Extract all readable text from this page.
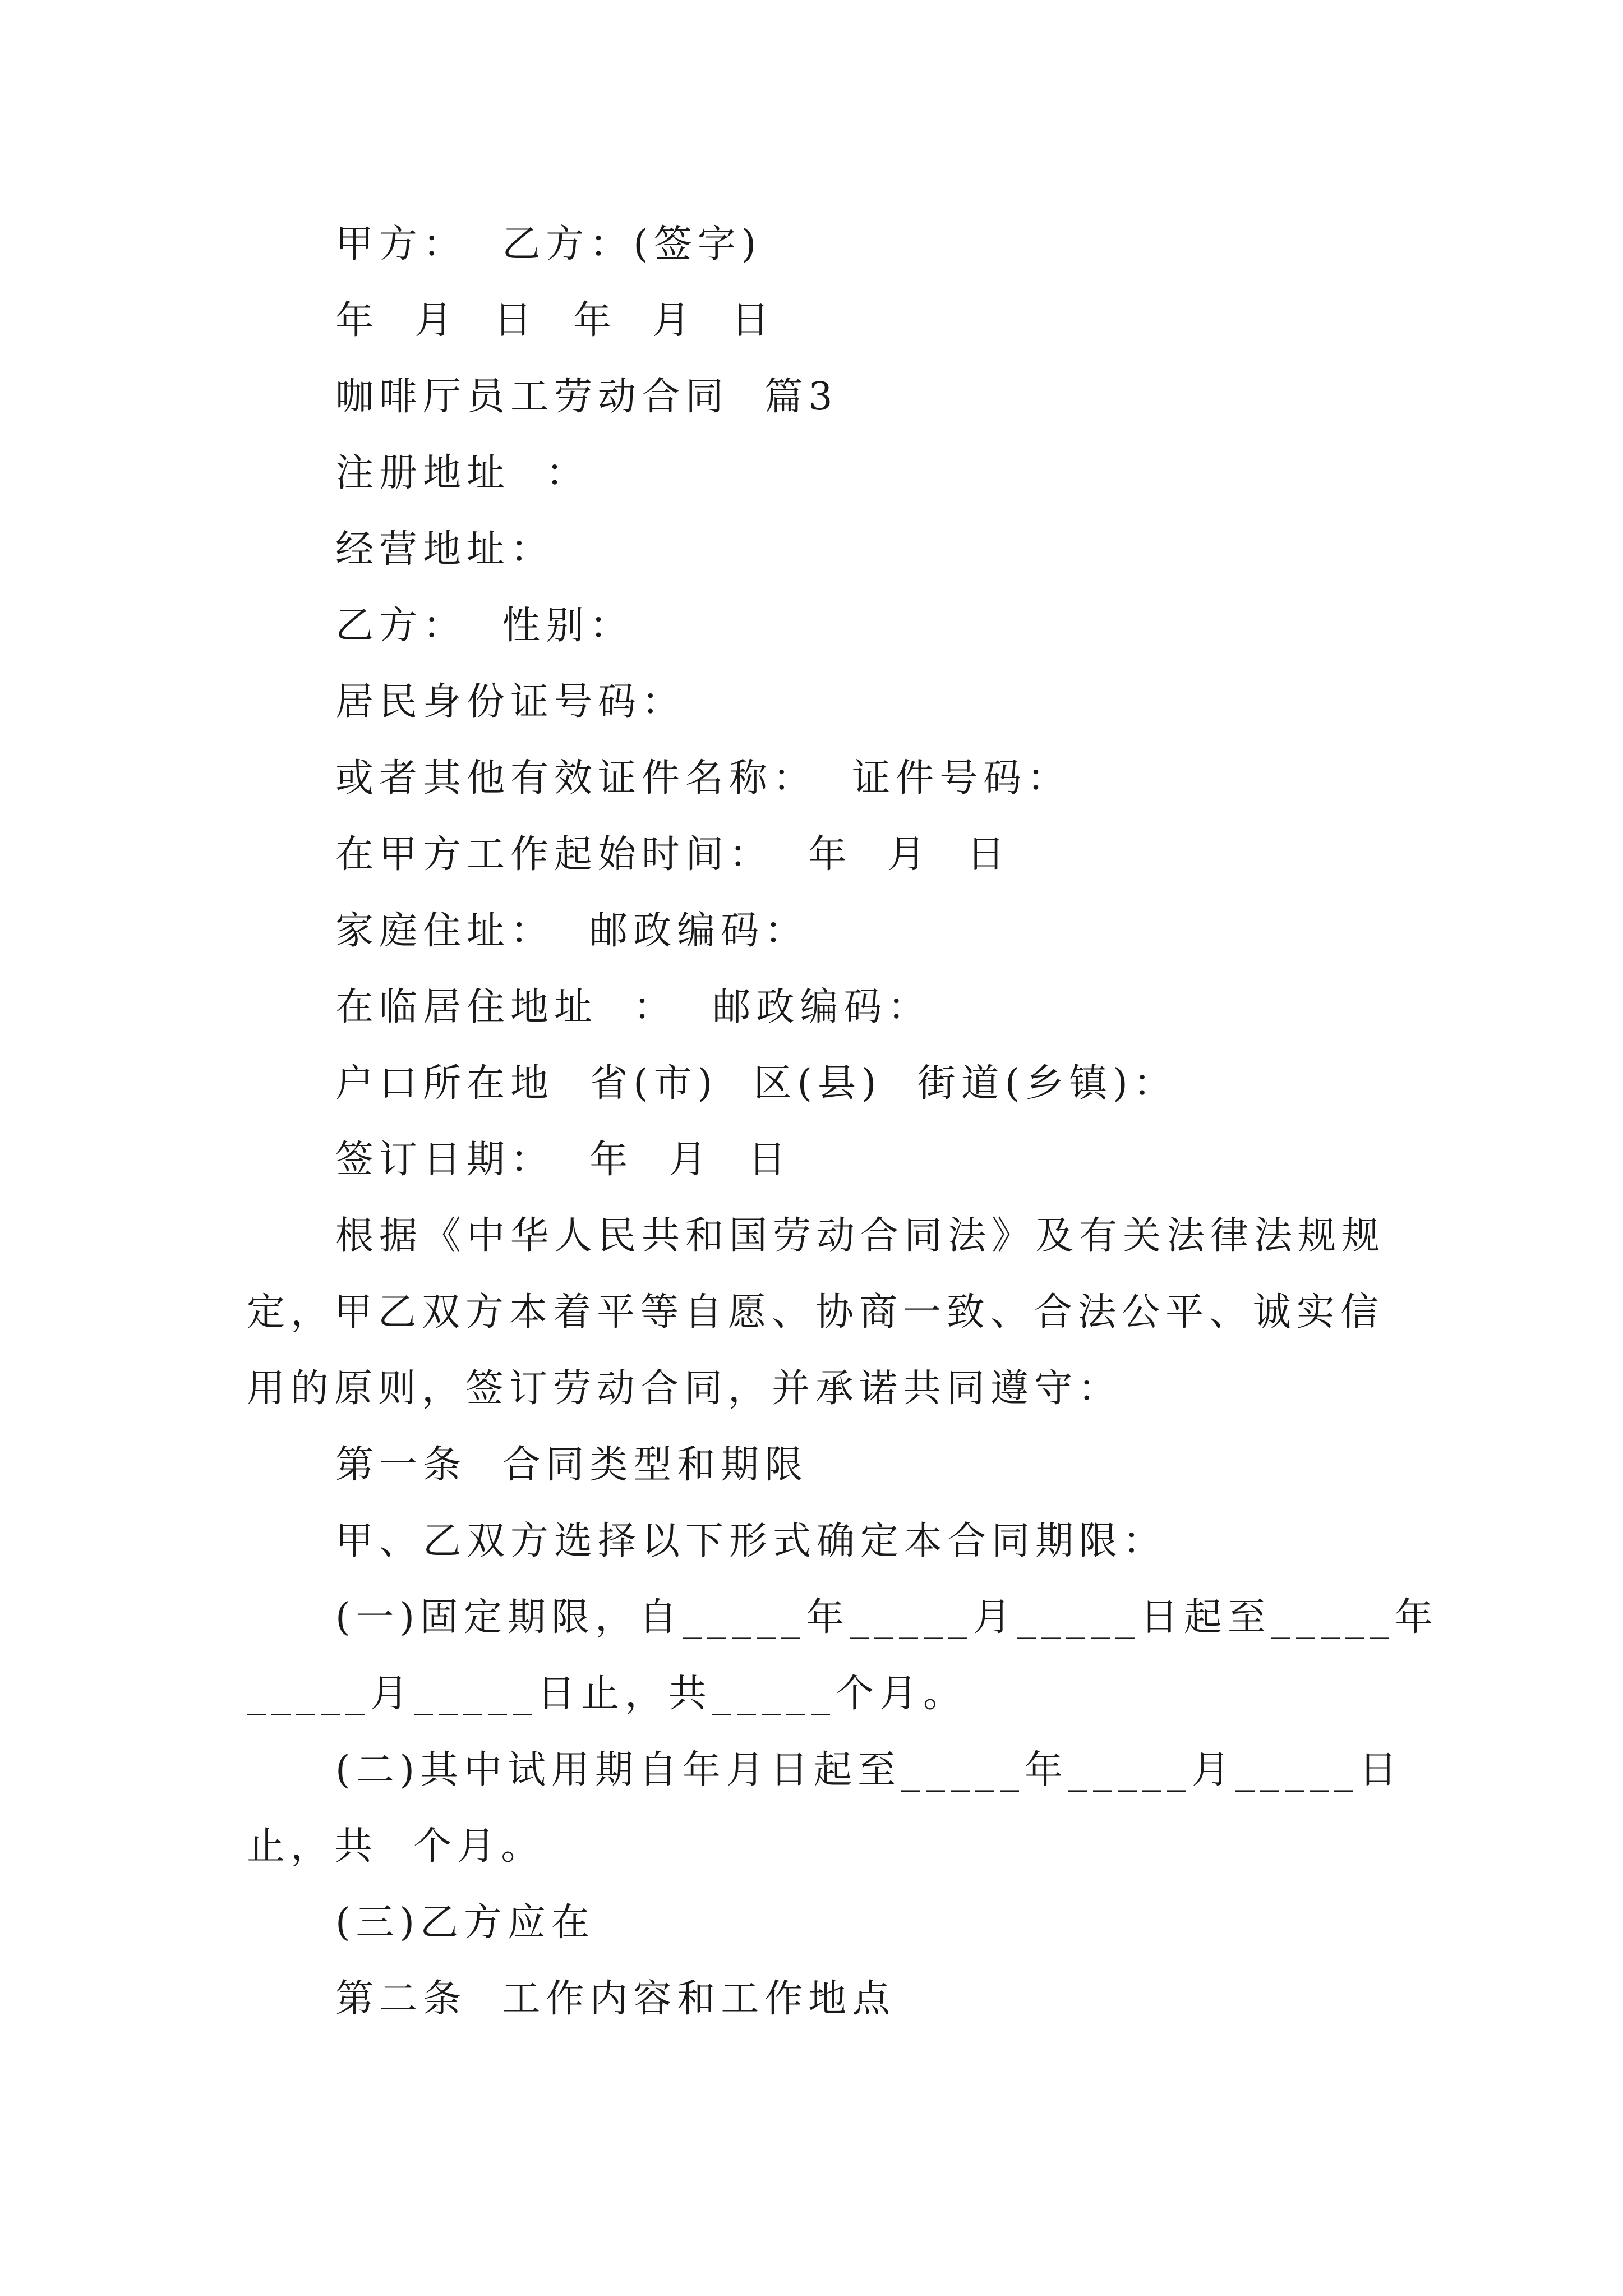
甲方：  乙方：(签字)
年  月  日  年  月  日
咖啡厅员工劳动合同  篇3
注册地址  ：
经营地址：
乙方：  性别：
居民身份证号码：
或者其他有效证件名称：  证件号码：
在甲方工作起始时间：  年  月  日
家庭住址：  邮政编码：
在临居住地址  ：  邮政编码：
户口所在地  省(市)  区(县)  街道(乡镇)：
签订日期：  年  月  日
根据《中华人民共和国劳动合同法》及有关法律法规规
定，甲乙双方本着平等自愿、协商一致、合法公平、诚实信
用的原则，签订劳动合同，并承诺共同遵守：
第一条  合同类型和期限
甲、乙双方选择以下形式确定本合同期限：
(一)固定期限，自_____年_____月_____日起至_____年
_____月_____日止，共_____个月。
(二)其中试用期自年月日起至_____年_____月_____日
止，共  个月。
(三)乙方应在
第二条  工作内容和工作地点
